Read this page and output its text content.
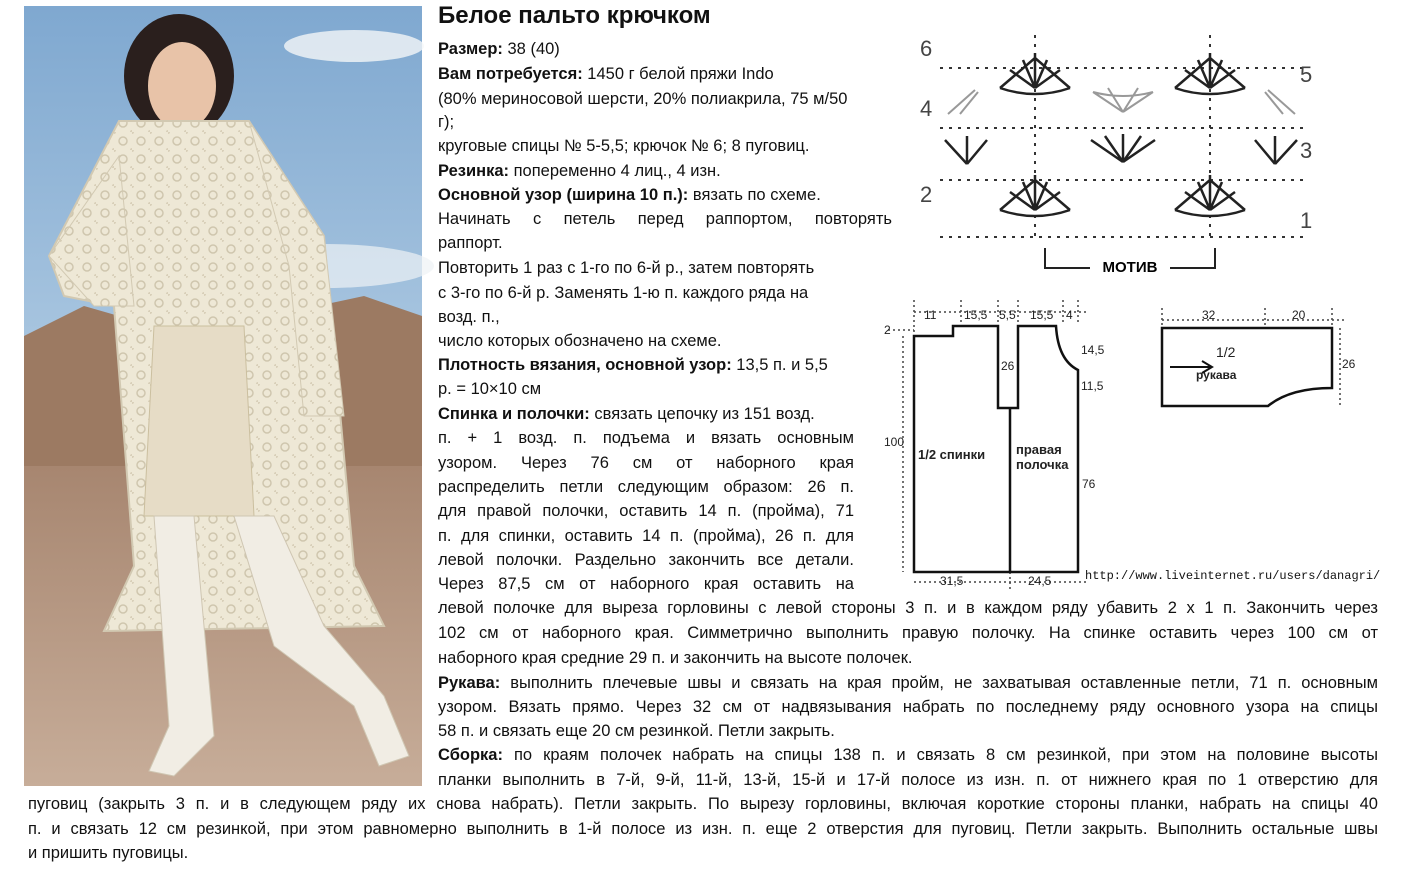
Белое пальто крючком
Размер: 38 (40)
Вам потребуется: 1450 г белой пряжи Indo
(80% мериносовой шерсти, 20% полиакрила, 75 м/50
г);
круговые спицы № 5-5,5; крючок № 6; 8 пуговиц.
Резинка: попеременно 4 лиц., 4 изн.
Основной узор (ширина 10 п.): вязать по схеме.
Начинать с петель перед раппортом, повторять
раппорт.
Повторить 1 раз с 1-го по 6-й р., затем повторять
с 3-го по 6-й р. Заменять 1-ю п. каждого ряда на
возд. п.,
число которых обозначено на схеме.
Плотность вязания, основной узор: 13,5 п. и 5,5
р. = 10×10 см
Спинка и полочки: связать цепочку из 151 возд.
п. + 1 возд. п. подъема и вязать основным
узором. Через 76 см от наборного края
распределить петли следующим образом: 26 п.
для правой полочки, оставить 14 п. (пройма), 71
п. для спинки, оставить 14 п. (пройма), 26 п. для
левой полочки. Раздельно закончить все детали.
Через 87,5 см от наборного края оставить на
левой полочке для выреза горловины с левой стороны 3 п. и в каждом ряду убавить 2 х 1 п. Закончить через
102 см от наборного края. Симметрично выполнить правую полочку. На спинке оставить через 100 см от
наборного края средние 29 п. и закончить на высоте полочек.
Рукава: выполнить плечевые швы и связать на края пройм, не захватывая оставленные петли, 71 п. основным
узором. Вязать прямо. Через 32 см от надвязывания набрать по последнему ряду основного узора на спицы
58 п. и связать еще 20 см резинкой. Петли закрыть.
Сборка: по краям полочек набрать на спицы 138 п. и связать 8 см резинкой, при этом на половине высоты
планки выполнить в 7-й, 9-й, 11-й, 13-й, 15-й и 17-й полосе из изн. п. от нижнего края по 1 отверстию для
пуговиц (закрыть 3 п. и в следующем ряду их снова набрать). Петли закрыть. По вырезу горловины, включая короткие стороны планки, набрать на спицы 40
п. и связать 12 см резинкой, при этом равномерно выполнить в 1-й полосе из изн. п. еще 2 отверстия для пуговиц. Петли закрыть. Выполнить остальные швы
и пришить пуговицы.
6
4
2
5
3
1
МОТИВ
11 15,5 5,5 15,5 4
2
14,5
11,5
76
26
100
31,5	24,5
1/2 спинки правая
полочка
32	20
26
1/2
рукава
http://www.liveinternet.ru/users/danagri/
